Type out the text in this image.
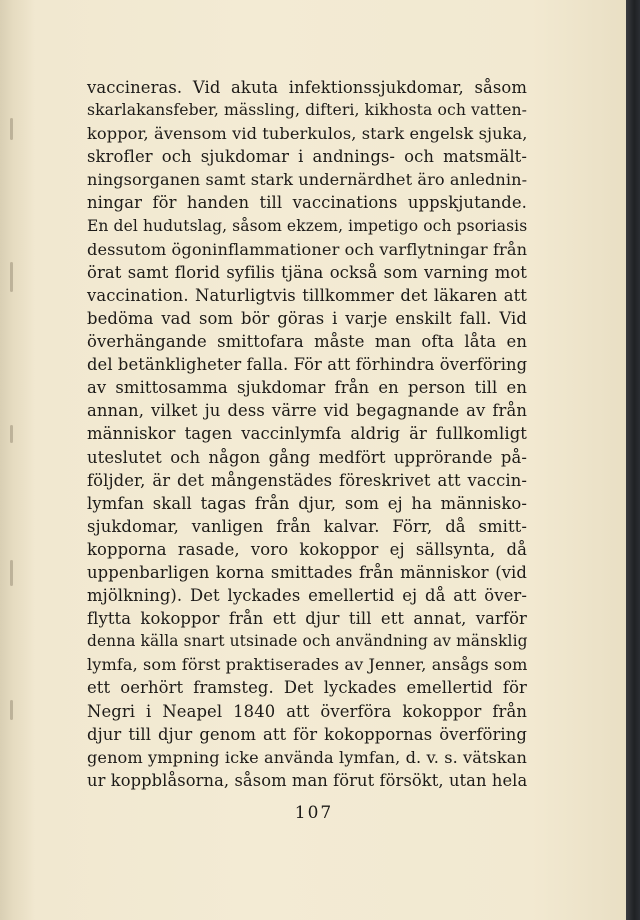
vaccineras. Vid akuta infektionssjukdomar, såsom
skarlakansfeber, mässling, difteri, kikhosta och vatten-
koppor, ävensom vid tuberkulos, stark engelsk sjuka,
skrofler och sjukdomar i andnings- och matsmält-
ningsorganen samt stark undernärdhet äro anlednin-
ningar för handen till vaccinations uppskjutande.
En del hudutslag, såsom ekzem, impetigo och psoriasis
dessutom ögoninflammationer och varflytningar från
örat samt florid syfilis tjäna också som varning mot
vaccination. Naturligtvis tillkommer det läkaren att
bedöma vad som bör göras i varje enskilt fall. Vid
överhängande smittofara måste man ofta låta en
del betänkligheter falla. För att förhindra överföring
av smittosamma sjukdomar från en person till en
annan, vilket ju dess värre vid begagnande av från
människor tagen vaccinlymfa aldrig är fullkomligt
uteslutet och någon gång medfört upprörande på-
följder, är det mångenstädes föreskrivet att vaccin-
lymfan skall tagas från djur, som ej ha människo-
sjukdomar, vanligen från kalvar. Förr, då smitt-
kopporna rasade, voro kokoppor ej sällsynta, då
uppenbarligen korna smittades från människor (vid
mjölkning). Det lyckades emellertid ej då att över-
flytta kokoppor från ett djur till ett annat, varför
denna källa snart utsinade och användning av mänsklig
lymfa, som först praktiserades av Jenner, ansågs som
ett oerhört framsteg. Det lyckades emellertid för
Negri i Neapel 1840 att överföra kokoppor från
djur till djur genom att för kokoppornas överföring
genom ympning icke använda lymfan, d. v. s. vätskan
ur koppblåsorna, såsom man förut försökt, utan hela
107
